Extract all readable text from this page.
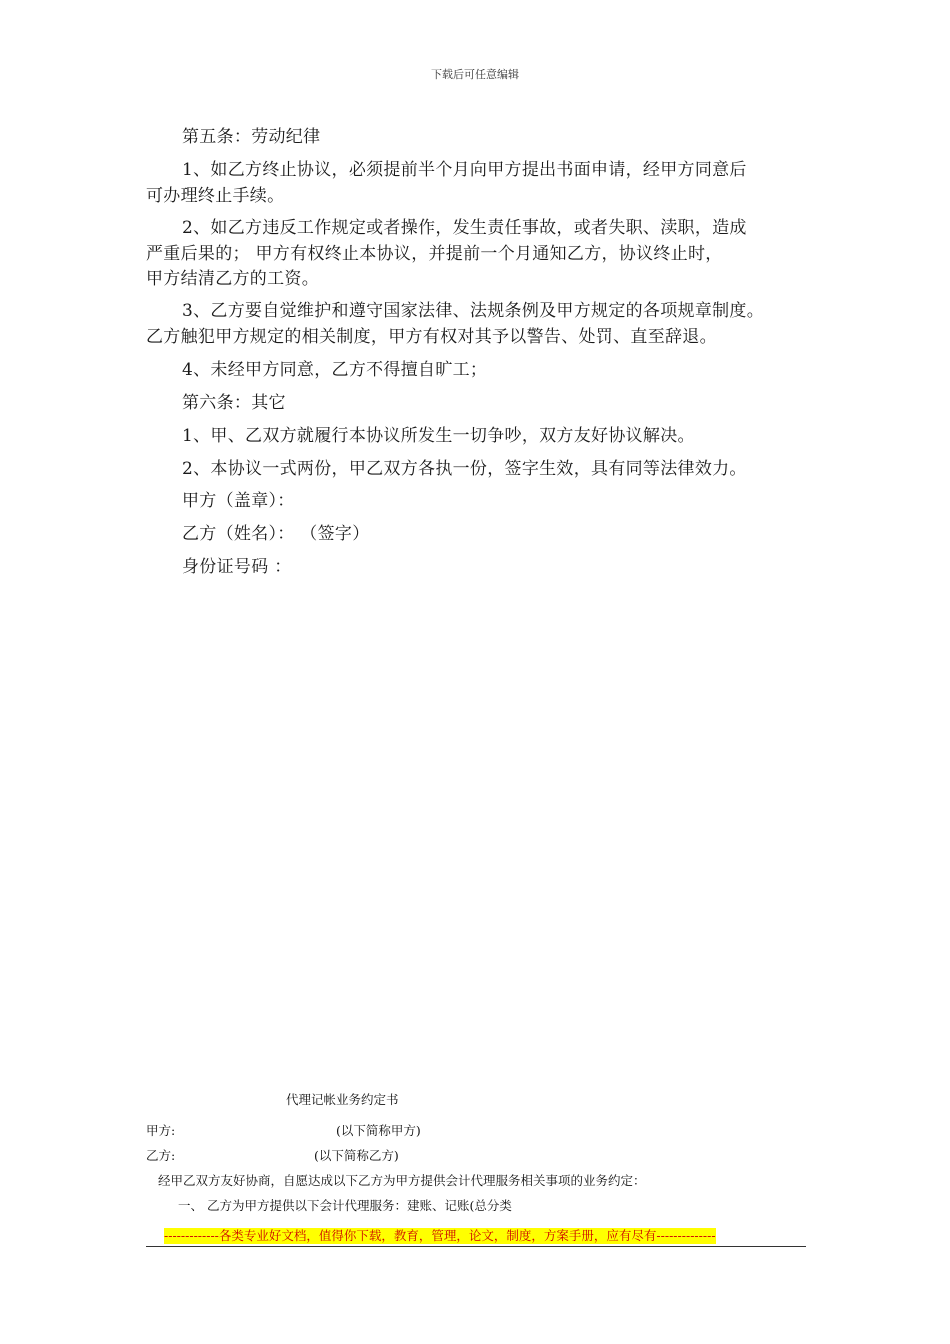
下载后可任意编辑
第五条：劳动纪律
1、如乙方终止协议，必须提前半个月向甲方提出书面申请，经甲方同意后
可办理终止手续。
2、如乙方违反工作规定或者操作，发生责任事故，或者失职、渎职，造成
严重后果的； 甲方有权终止本协议，并提前一个月通知乙方，协议终止时，
甲方结清乙方的工资。
3、乙方要自觉维护和遵守国家法律、法规条例及甲方规定的各项规章制度。
乙方触犯甲方规定的相关制度，甲方有权对其予以警告、处罚、直至辞退。
4、未经甲方同意，乙方不得擅自旷工；
第六条：其它
1、甲、乙双方就履行本协议所发生一切争吵，双方友好协议解决。
2、本协议一式两份，甲乙双方各执一份，签字生效，具有同等法律效力。
甲方（盖章）：
乙方（姓名）： （签字）
身份证号码 ：
代理记帐业务约定书
甲方:	(以下简称甲方)
乙方:	(以下简称乙方)
经甲乙双方友好协商，自愿达成以下乙方为甲方提供会计代理服务相关事项的业务约定：
一、 乙方为甲方提供以下会计代理服务：建账、记账(总分类
-------------各类专业好文档，值得你下载，教育，管理，论文，制度，方案手册，应有尽有--------------
